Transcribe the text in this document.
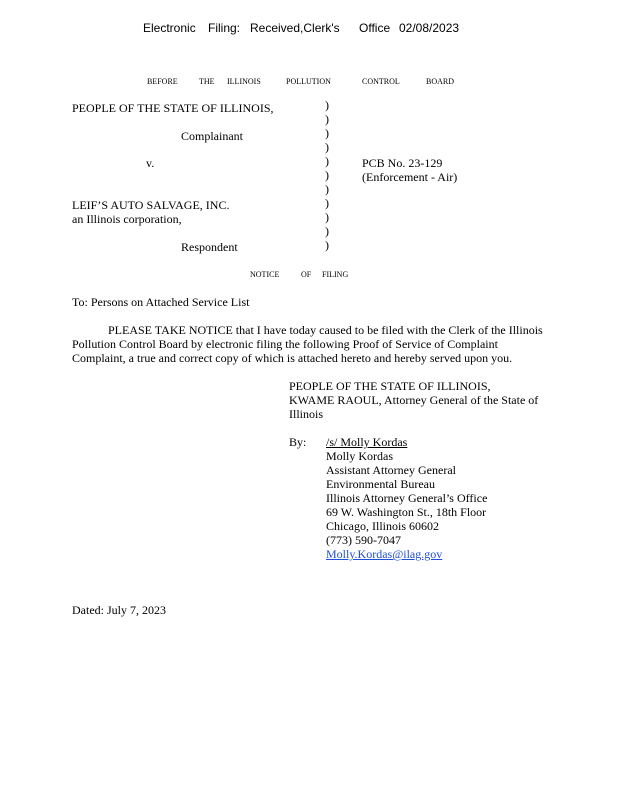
Electronic Filing: Received,Clerk's Office 02/08/2023
BEFORE	THE ILLINOIS	POLLUTION	CONTROL	BOARD
PEOPLE OF THE STATE OF ILLINOIS,
Complainant
v.
LEIF’S AUTO SALVAGE, INC.
an Illinois corporation,
Respondent
)
)
)
)
)
)
)
)
)
)
)
PCB No. 23-129
(Enforcement - Air)
NOTICE	OF FILING
To: Persons on Attached Service List
PLEASE TAKE NOTICE that I have today caused to be filed with the Clerk of the Illinois
Pollution Control Board by electronic filing the following Proof of Service of Complaint
Complaint, a true and correct copy of which is attached hereto and hereby served upon you.
PEOPLE OF THE STATE OF ILLINOIS,
KWAME RAOUL, Attorney General of the State of
Illinois
By: /s/ Molly Kordas
Molly Kordas
Assistant Attorney General
Environmental Bureau
Illinois Attorney General’s Office
69 W. Washington St., 18th Floor
Chicago, Illinois 60602
(773) 590-7047
Molly.Kordas@ilag.gov
Dated: July 7, 2023
